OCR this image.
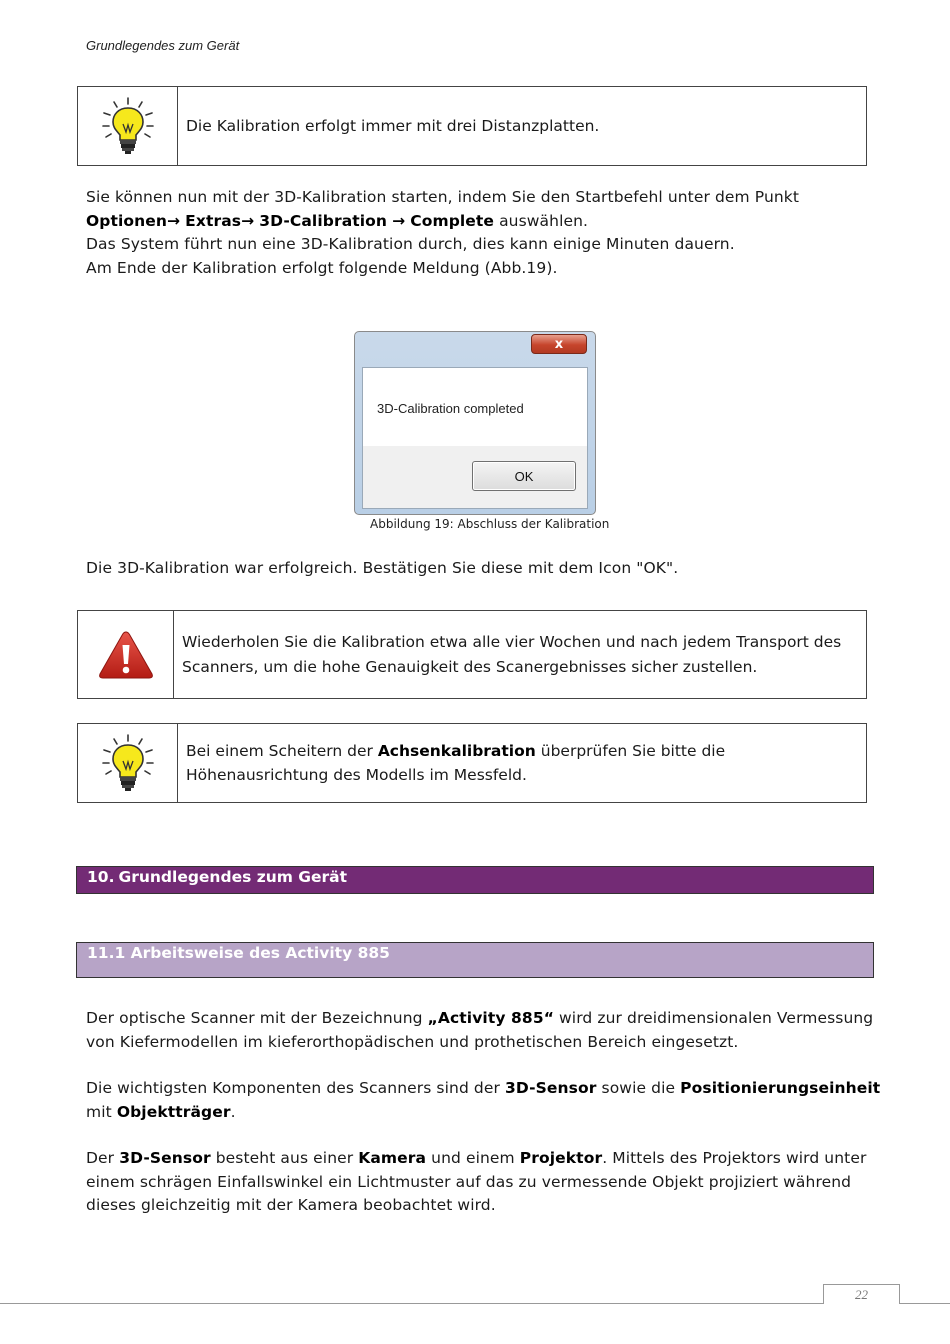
Grundlegendes zum Gerät
Die Kalibration erfolgt immer mit drei Distanzplatten.
Sie können nun mit der 3D-Kalibration starten, indem Sie den Startbefehl unter dem Punkt
Optionen→ Extras→ 3D-Calibration → Complete auswählen.
Das System führt nun eine 3D-Kalibration durch, dies kann einige Minuten dauern.
Am Ende der Kalibration erfolgt folgende Meldung (Abb.19).
x
3D-Calibration completed
OK
Abbildung 19: Abschluss der Kalibration
Die 3D-Kalibration war erfolgreich. Bestätigen Sie diese mit dem Icon "OK".
Wiederholen Sie die Kalibration etwa alle vier Wochen und nach jedem Transport des
Scanners, um die hohe Genauigkeit des Scanergebnisses sicher zustellen.
Bei einem Scheitern der Achsenkalibration überprüfen Sie bitte die
Höhenausrichtung des Modells im Messfeld.
10. Grundlegendes zum Gerät
11.1 Arbeitsweise des Activity 885
Der optische Scanner mit der Bezeichnung „Activity 885“ wird zur dreidimensionalen Vermessung
von Kiefermodellen im kieferorthopädischen und prothetischen Bereich eingesetzt.
Die wichtigsten Komponenten des Scanners sind der 3D-Sensor sowie die Positionierungseinheit
mit Objektträger.
Der 3D-Sensor besteht aus einer Kamera und einem Projektor. Mittels des Projektors wird unter
einem schrägen Einfallswinkel ein Lichtmuster auf das zu vermessende Objekt projiziert während
dieses gleichzeitig mit der Kamera beobachtet wird.
22
